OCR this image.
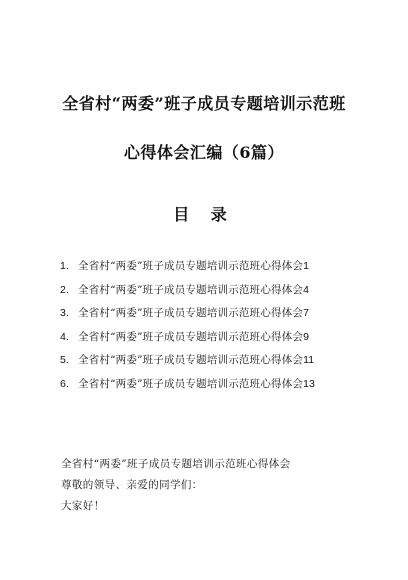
全省村“两委”班子成员专题培训示范班
心得体会汇编（6篇）
目 录
1. 全省村“两委”班子成员专题培训示范班心得体会 1
2. 全省村“两委”班子成员专题培训示范班心得体会 4
3. 全省村“两委”班子成员专题培训示范班心得体会 7
4. 全省村“两委”班子成员专题培训示范班心得体会 9
5. 全省村“两委”班子成员专题培训示范班心得体会 11
6. 全省村“两委”班子成员专题培训示范班心得体会 13
全省村“两委”班子成员专题培训示范班心得体会
尊敬的领导、亲爱的同学们：
大家好！
